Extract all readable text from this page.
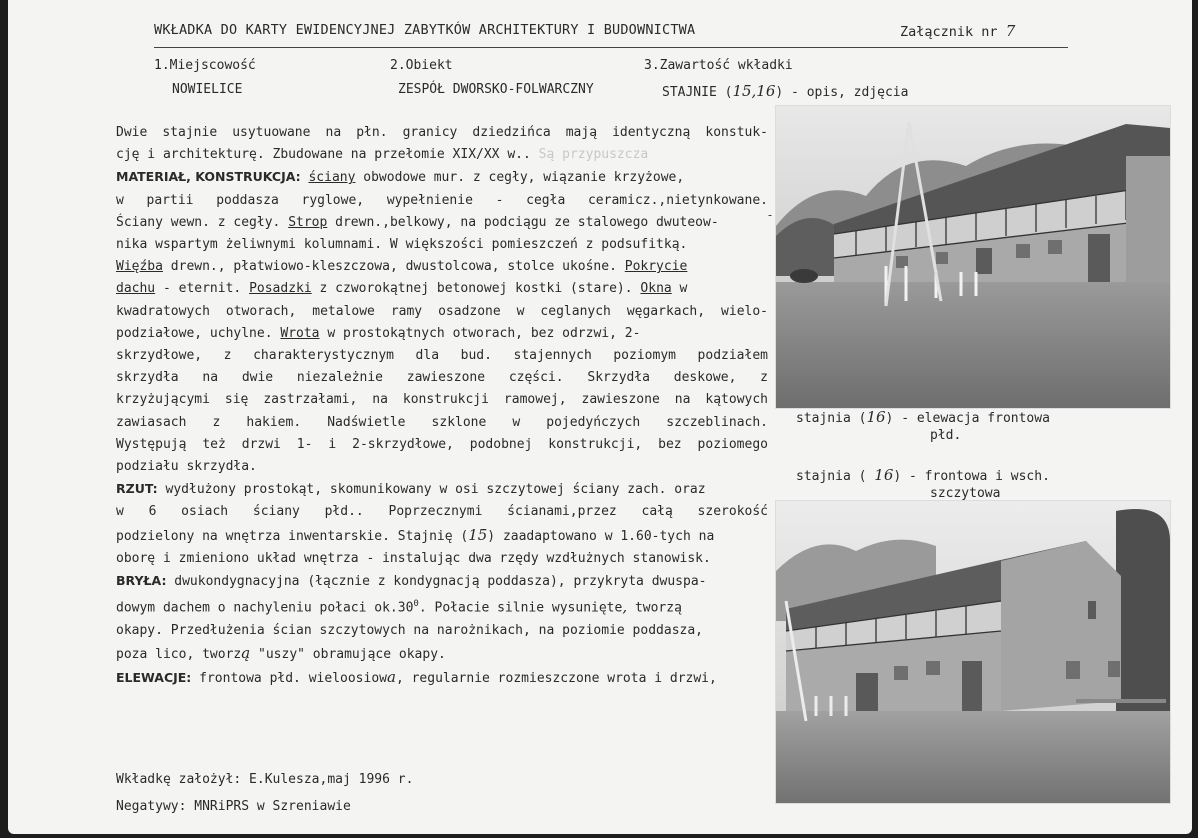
WKŁADKA DO KARTY EWIDENCYJNEJ ZABYTKÓW ARCHITEKTURY I BUDOWNICTWA	Załącznik nr 7
1.Miejscowość	2.Obiekt	3.Zawartość wkładki
NOWIELICE	ZESPÓŁ DWORSKO-FOLWARCZNY	STAJNIE (15,16) - opis, zdjęcia
Dwie stajnie usytuowane na płn. granicy dziedzińca mają identyczną konstuk-
cję i architekturę. Zbudowane na przełomie XIX/XX w.. Są przypuszcza
MATERIAŁ, KONSTRUKCJA: ściany obwodowe mur. z cegły, wiązanie krzyżowe,
w partii poddasza ryglowe, wypełnienie - cegła ceramicz.,nietynkowane.
Ściany wewn. z cegły. Strop drewn.,belkowy, na podciągu ze stalowego dwuteow-	-
nika wspartym żeliwnymi kolumnami. W większości pomieszczeń z podsufitką.
Więźba drewn., płatwiowo-kleszczowa, dwustolcowa, stolce ukośne. Pokrycie
dachu - eternit. Posadzki z czworokątnej betonowej kostki (stare). Okna w
kwadratowych otworach, metalowe ramy osadzone w ceglanych węgarkach, wielo-
podziałowe, uchylne. Wrota w prostokątnych otworach, bez odrzwi, 2-
skrzydłowe, z charakterystycznym dla bud. stajennych poziomym podziałem
skrzydła na dwie niezależnie zawieszone części. Skrzydła deskowe, z
krzyżującymi się zastrzałami, na konstrukcji ramowej, zawieszone na kątowych
zawiasach z hakiem. Nadświetle szklone w pojedyńczych szczeblinach.
Występują też drzwi 1- i 2-skrzydłowe, podobnej konstrukcji, bez poziomego
podziału skrzydła.
RZUT: wydłużony prostokąt, skomunikowany w osi szczytowej ściany zach. oraz
w 6 osiach ściany płd.. Poprzecznymi ścianami,przez całą szerokość
podzielony na wnętrza inwentarskie. Stajnię (15) zaadaptowano w 1.60-tych na
oborę i zmieniono układ wnętrza - instalując dwa rzędy wzdłużnych stanowisk.
BRYŁA: dwukondygnacyjna (łącznie z kondygnacją poddasza), przykryta dwuspa-
dowym dachem o nachyleniu połaci $ok.30^0$. Połacie silnie wysunięte, tworzą
okapy. Przedłużenia ścian szczytowych na narożnikach, na poziomie poddasza,
poza lico, tworzą "uszy" obramujące okapy.
ELEWACJE: frontowa płd. wieloosiowa, regularnie rozmieszczone wrota i drzwi,
stajnia (16) - elewacja frontowa
płd.
stajnia ( 16) - frontowa i wsch.
szczytowa
Wkładkę założył: E.Kulesza,maj 1996 r.
Negatywy: MNRiPRS w Szreniawie
